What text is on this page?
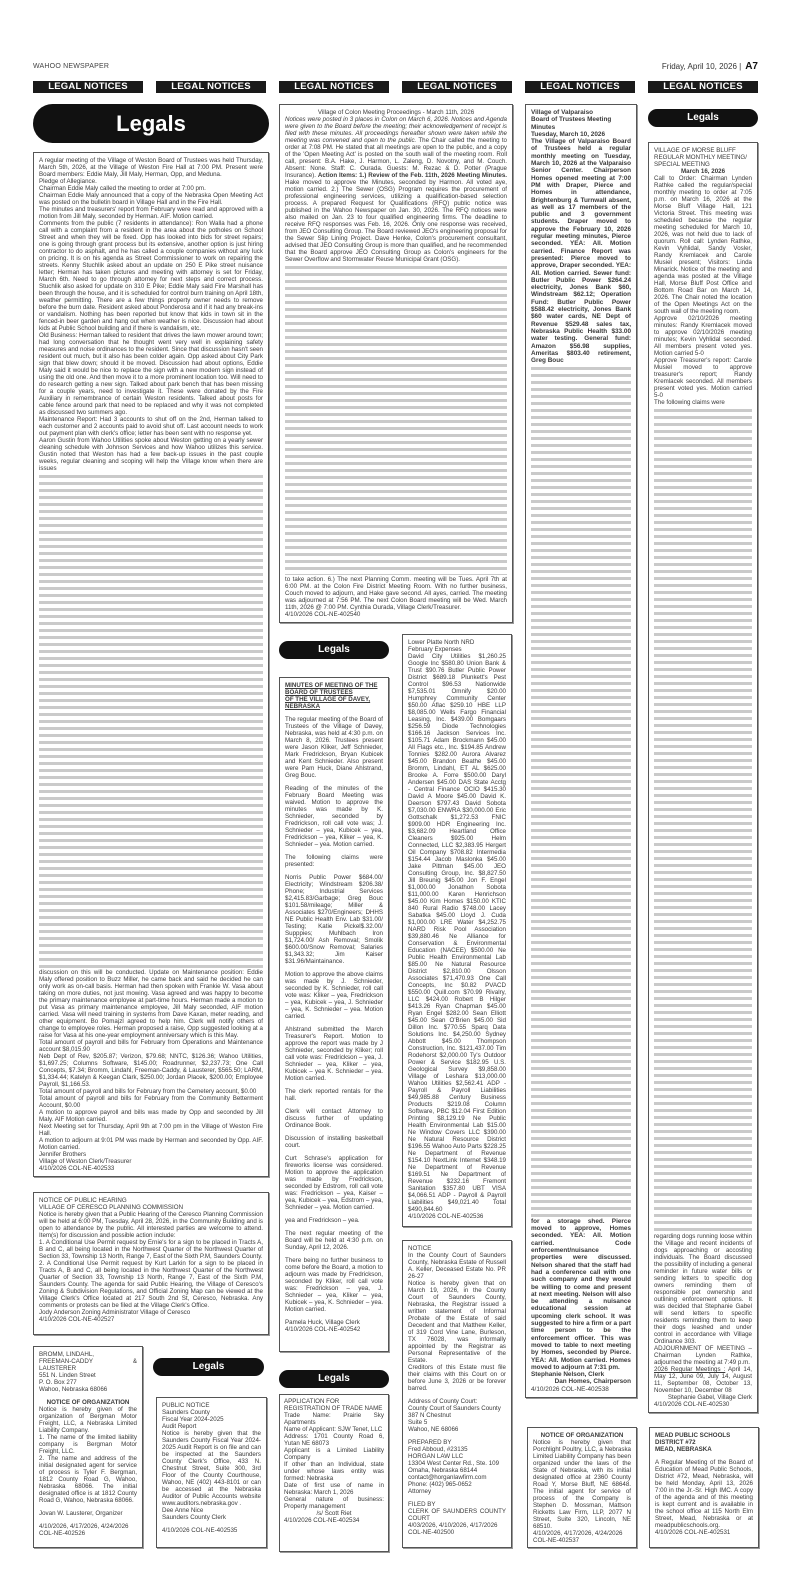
WAHOO NEWSPAPER	Friday, April 10, 2026 | A7
LEGAL NOTICES	LEGAL NOTICES	LEGAL NOTICES	LEGAL NOTICES	LEGAL NOTICES	LEGAL NOTICES
Legals

A regular meeting of the Village of Weston Board of Trustees was held Thursday, March 5th, 2026, at the Village of Weston Fire Hall at 7:00 PM. Present were Board members: Eddie Maly, Jill Maly, Herman, Opp, and Meduna.

Pledge of Allegiance.

Chairman Eddie Maly called the meeting to order at 7:00 pm.

Chairman Eddie Maly announced that a copy of the Nebraska Open Meeting Act was posted on the bulletin board in Village Hall and in the Fire Hall.

The minutes and treasurers' report from February were read and approved with a motion from Jill Maly, seconded by Herman. AIF. Motion carried.

Comments from the public (7 residents in attendance): Ron Walla had a phone call with a complaint from a resident in the area about the potholes on School Street and when they will be fixed. Opp has looked into bids for street repairs; one is going through grant process but its extensive, another option is just hiring contractor to do asphalt, and he has called a couple companies without any luck on pricing. It is on his agenda as Street Commissioner to work on repairing the streets. Kenny Stuchlik asked about an update on 250 E Pike street nuisance letter; Herman has taken pictures and meeting with attorney is set for Friday, March 6th. Need to go through attorney for next steps and correct process. Stuchlik also asked for update on 310 E Pike; Eddie Maly said Fire Marshall has been through the house, and it is scheduled for control burn training on April 18th, weather permitting. There are a few things property owner needs to remove before the burn date. Resident asked about Ponderosa and if it had any break-ins or vandalism. Nothing has been reported but know that kids in town sit in the fenced-in beer garden and hang out when weather is nice. Discussion had about kids at Public School building and if there is vandalism, etc.

Old Business: Herman talked to resident that drives the lawn mower around town; had long conversation that he thought went very well in explaining safety measures and noise ordinances to the resident. Since that discussion hasn't seen resident out much, but it also has been colder again. Opp asked about City Park sign that blew down; should it be moved. Discussion had about options, Eddie Maly said it would be nice to replace the sign with a new modern sign instead of using the old one. And then move it to a more prominent location too. Will need to do research getting a new sign. Talked about park bench that has been missing for a couple years, need to investigate it. These were donated by the Fire Auxiliary in remembrance of certain Weston residents. Talked about posts for cable fence around park that need to be replaced and why it was not completed as discussed two summers ago.

Maintenance Report: Had 3 accounts to shut off on the 2nd, Herman talked to each customer and 2 accounts paid to avoid shut off. Last account needs to work out payment plan with clerk's office; letter has been sent with no response yet.

Aaron Gustin from Wahoo Utilities spoke about Weston getting on a yearly sewer cleaning schedule with Johnson Services and how Wahoo utilizes this service. Gustin noted that Weston has had a few back-up issues in the past couple weeks, regular cleaning and scoping will help the Village know when there are issues

discussion on this will be conducted. Update on Maintenance position: Eddie Maly offered position to Buzz Miller, he came back and said he decided he can only work as on-call basis. Herman had then spoken with Frankie W. Vasa about taking on more duties, not just mowing. Vasa agreed and was happy to become the primary maintenance employee at part-time hours. Herman made a motion to put Vasa as primary maintenance employee, Jill Maly seconded, AIF motion carried. Vasa will need training in systems from Dave Kaxan, meter reading, and other equipment. Bo Pomajzl agreed to help him. Clerk will notify others of change to employee roles. Herman proposed a raise, Opp suggested looking at a raise for Vasa at his one-year employment anniversary which is this May.

Total amount of payroll and bills for February from Operations and Maintenance account $8,015.90

Neb Dept of Rev, $205.87; Verizon, $79.68; NNTC, $126.36; Wahoo Utilities, $1,697.25; Columns Software, $145.00; Roadrunner, $2,237.73; One Call Concepts, $7.34; Bromm, Lindahl, Freeman-Caddy, & Lausterer, $565.50; LARM, $1,334.44; Katelyn & Keegan Clark, $250.00; Jordan Placek, $200.00; Employee Payroll, $1,166.53.

Total amount of payroll and bills for February from the Cemetery account, $0.00

Total amount of payroll and bills for February from the Community Betterment Account, $0.00

A motion to approve payroll and bills was made by Opp and seconded by Jill Maly. AIF Motion carried.

Next Meeting set for Thursday, April 9th at 7:00 pm in the Village of Weston Fire Hall.

A motion to adjourn at 9:01 PM was made by Herman and seconded by Opp. AIF. Motion carried.

Jennifer Brothers

Village of Weston Clerk/Treasurer

4/10/2026 COL-NE-402533

NOTICE OF PUBLIC HEARING

VILLAGE OF CERESCO PLANNING COMMISSION

Notice is hereby given that a Public Hearing of the Ceresco Planning Commission will be held at 6:00 PM, Tuesday, April 28, 2026, in the Community Building and is open to attendance by the public. All interested parties are welcome to attend. Item(s) for discussion and possible action include:

1. A Conditional Use Permit request by Ernie's for a sign to be placed in Tracts A, B and C, all being located in the Northwest Quarter of the Northwest Quarter of Section 33, Township 13 North, Range 7, East of the Sixth P.M, Saunders County.

2. A Conditional Use Permit request by Kurt Larkin for a sign to be placed in Tracts A, B and C, all being located in the Northwest Quarter of the Northwest Quarter of Section 33, Township 13 North, Range 7, East of the Sixth P.M, Saunders County. The agenda for said Public Hearing, the Village of Ceresco's Zoning & Subdivision Regulations, and Official Zoning Map can be viewed at the Village Clerk's Office located at 217 South 2nd St, Ceresco, Nebraska. Any comments or protests can be filed at the Village Clerk's Office.

Jody Anderson Zoning Administrator Village of Ceresco

4/10/2026 COL-NE-402527

BROMM, LINDAHL,

FREEMAN-CADDY & LAUSTERER

551 N. Linden Street

P. O. Box 277

Wahoo, Nebraska 68066

NOTICE OF ORGANIZATION

Notice is hereby given of the organization of Bergman Motor Freight, LLC, a Nebraska Limited Liability Company.

1. The name of the limited liability company is Bergman Motor Freight, LLC.

2. The name and address of the initial designated agent for service of process is Tyler F. Bergman, 1812 County Road G, Wahoo, Nebraska 68066. The initial designated office is at 1812 County Road G, Wahoo, Nebraska 68066.

Jovan W. Lausterer, Organizer

4/10/2026, 4/17/2026, 4/24/2026

COL-NE-402526

Legals

PUBLIC NOTICE

Saunders County

Fiscal Year 2024-2025

Audit Report

Notice is hereby given that the Saunders County Fiscal Year 2024-2025 Audit Report is on file and can be inspected at the Saunders County Clerk's Office, 433 N. Chestnut Street, Suite 300, 3rd Floor of the County Courthouse, Wahoo, NE (402) 443-8101 or can be accessed at the Nebraska Auditor of Public Accounts website www.auditors.nebraska.gov .

Dee Anne Nice

Saunders County Clerk

4/10/2026 COL-NE-402535

Village of Colon Meeting Proceedings - March 11th, 2026

Notices were posted in 3 places in Colon on March 6, 2026. Notices and Agenda were given to the Board before the meeting; their acknowledgement of receipt is filed with these minutes. All proceedings hereafter shown were taken while the meeting was convened and open to the public. The Chair called the meeting to order at 7:08 PM. He stated that all meetings are open to the public, and a copy of the 'Open Meeting Act' is posted on the south wall of the meeting room. Roll call, present: B.A. Hake, J. Harmon, L. Zaleng, D. Novotny, and M. Couch. Absent: None. Staff: C. Ourada. Guests: M. Rezac & D. Potter (Prague Insurance). Action Items: 1.) Review of the Feb. 11th, 2026 Meeting Minutes. Hake moved to approve the Minutes, seconded by Harmon. All voted aye, motion carried. 2.) The Sewer (OSG) Program requires the procurement of professional engineering services, utilizing a qualification-based selection process. A prepared Request for Qualifications (RFQ) public notice was published in the Wahoo Newspaper on Jan. 30, 2026. The RFQ notices were also mailed on Jan. 23 to four qualified engineering firms. The deadline to receive RFQ responses was Feb. 16, 2026. Only one response was received, from JEO Consulting Group. The Board reviewed JEO's engineering proposal for the Sewer Slip Lining Project. Dave Henke, Colon's procurement consultant, advised that JEO Consulting Group is more than qualified, and he recommended that the Board approve JEO Consulting Group as Colon's engineers for the Sewer Overflow and Stormwater Reuse Municipal Grant (OSG).

to take action. 6.) The next Planning Comm. meeting will be Tues. April 7th at 6:00 PM. at the Colon Fire District Meeting Room. With no further business, Couch moved to adjourn, and Hake gave second. All ayes, carried. The meeting was adjourned at 7:56 PM. The next Colon Board meeting will be Wed. March 11th, 2026 @ 7:00 PM. Cynthia Ourada, Village Clerk/Treasurer.

4/10/2026 COL-NE-402540

Legals

MINUTES OF MEETING OF THE

BOARD OF TRUSTEES

OF THE VILLAGE OF DAVEY,

NEBRASKA

The regular meeting of the Board of Trustees of the Village of Davey, Nebraska, was held at 4:30 p.m. on March 8, 2026. Trustees present were Jason Kliker, Jeff Schnieder, Mark Fredrickson, Bryan Kubicek and Kent Schnieder. Also present were Pam Huck, Diane Ahlstrand, Greg Bouc.

Reading of the minutes of the February Board Meeting was waived. Motion to approve the minutes was made by K. Schnieder, seconded by Fredrickson, roll call vote was; J. Schnieder – yea, Kubicek – yea, Fredrickson – yea, Kliker – yea, K. Schnieder – yea. Motion carried.

The following claims were presented:

Norris Public Power $684.00/ Electricity; Windstream $206.38/ Phone; Industrial Services $2,415.83/Garbage; Greg Bouc $101.58/mileage; Miller & Associates $270/Engineers; DHHS NE Public Health Env. Lab $31.00/ Testing; Katie Pickel$.32.00/ Supppies; Muhlbach Iron $1,724.00/ Ash Removal; Smolik $600.00/Snow Removal; Salaries $1,343.32; Jim Kaiser $31.96/Maintainance.

Motion to approve the above claims was made by J. Schnieder, seconded by K. Schnieder, roll call vote was: Kliker – yea, Fredrickson – yea, Kubicek – yea, J. Schnieder – yea, K. Schnieder – yea. Motion carried.

Ahlstrand submitted the March Treasurer's Report. Motion to approve the report was made by J Schnieder, seconded by Kliker; roll call vote was: Fredrickson – yea, J. Schnieder – yea, Kliker – yea, Kubicek – yea K. Schnieder – yea. Motion carried.

The clerk reported rentals for the hall.

Clerk will contact Attorney to discuss further of updating Ordinance Book.

Discussion of installing basketball court.

Curt Schrase's application for fireworks license was considered. Motion to approve the application was made by Fredrickson, seconded by Edstrom, roll call vote was: Fredrickson – yea, Kaiser – yea, Kubicek – yea, Edstrom – yea, Schnieder – yea. Motion carried.

yea and Fredrickson – yea.

The next regular meeting of the Board will be held at 4:30 p.m. on Sunday, April 12, 2026.

There being no further business to come before the Board, a motion to adjourn was made by Fredrickson, seconded by Kliker, roll call vote was: Fredrickson – yea, J. Schnieder – yea, Kliker – yea, Kubicek – yea, K. Schnieder – yea. Motion carried.

Pamela Huck, Village Clerk
4/10/2026 COL-NE-402542

Legals

APPLICATION FOR

REGISTRATION OF TRADE NAME

Trade Name: Prairie Sky Apartments

Name of Applicant: SJW Tenet, LLC

Address: 1701 County Road 6, Yutan NE 68073

Applicant is a Limited Liability Company

If other than an Individual, state under whose laws entity was formed: Nebraska

Date of first use of name in Nebraska: March 1, 2026

General nature of business: Property management

/s/ Scott Riet

4/10/2026 COL-NE-402534

Lower Platte North NRD

February Expenses

David City Utilities $1,260.25 Google Inc $580.80 Union Bank & Trust $90.76 Butler Public Power District $689.18 Plunkett's Pest Control $96.53 Nationwide $7,535.01 Omnify $20.00 Humphrey Community Center $50.00 Aflac $259.10 HBE LLP $8,085.00 Wells Fargo Financial Leasing, Inc. $439.00 Bomgaars $256.59 Diode Technologies $166.16 Jackson Services Inc. $105.71 Adam Brockmann $45.00 All Flags etc., Inc. $194.85 Andrew Tonnies $282.00 Aurora Alvarez $45.00 Brandon Beathe $45.00 Bromm, Lindahl, ET AL $625.00 Brooke A. Forre $500.00 Daryl Andersen $45.00 DAS State Acctg - Central Finance OCIO $415.30 David A Moore $45.00 David K. Deerson $797.43 David Sobota $7,030.00 ENWRA $30,000.00 Eric Gottschalk $1,272.53 FNIC $909.00 HDR Engineering Inc. $3,682.09 Heartland Office Cleaners $925.00 Helm Connected, LLC $2,383.95 Hergert Oil Company $708.82 Intermedia $154.44 Jacob Maslonka $45.00 Jake Pittman $45.00 JEO Consulting Group, Inc. $8,827.50 Jill Breunig $45.00 Jon F. Engel $1,000.00 Jonathon Sobota $11,000.00 Karen Henrichson $45.00 Kim Homes $150.00 KTIC 840 Rural Radio $748.00 Lacey Sabatka $45.00 Lloyd J. Cuda $1,000.00 LRE Water $4,252.75 NARD Risk Pool Association $39,880.46 Ne Alliance for Conservation & Environmental Education (NACEE) $500.00 Ne Public Health Environmental Lab $85.00 Ne Natural Resource District $2,810.00 Olsson Associates $71,470.93 One Call Concepts, Inc $0.82 PVACD $550.00 Quill.com $70.99 Rivalry, LLC $424.00 Robert B Hilger $413.26 Ryan Chapman $45.00 Ryan Engel $282.00 Sean Elliott $45.00 Sean O'Brien $45.00 Sid Dillon Inc. $770.55 Sparq Data Solutions Inc. $4,250.00 Sydney Abbott $45.00 Thompson Construction, Inc. $121,437.00 Tim Rodehorst $2,000.00 Ty's Outdoor Power & Service $182.95 U.S. Geological Survey $9,858.00 Village of Leshara $13,000.00 Wahoo Utilities $2,562.41 ADP - Payroll & Payroll Liabilities $49,985.88 Century Business Products $219.08 Column Software, PBC $12.04 First Edition Printing $8,129.19 Ne Public Health Environmental Lab $15.00 Ne Window Covers LLC $390.00 Ne Natural Resource District $196.55 Wahoo Auto Parts $228.25 Ne Department of Revenue $154.10 NextLink Internet $348.19 Ne Department of Revenue $169.51 Ne Department of Revenue $232.16 Fremont Sanitation $357.80 UBT VISA $4,066.51 ADP - Payroll & Payroll Liabilities $49,021.40 Total $490,844.60

4/10/2026 COL-NE-402536

NOTICE

In the County Court of Saunders County, Nebraska Estate of Russell A. Keller, Deceased Estate No. PR 26-27

Notice is hereby given that on March 19, 2026, in the County Court of Saunders County, Nebraska, the Registrar issued a written statement of Informal Probate of the Estate of said Decedent and that Matthew Keller, of 319 Cord Vine Lane, Burleson, TX 76028, was informally appointed by the Registrar as Personal Representative of the Estate.

Creditors of this Estate must file their claims with this Court on or before June 3, 2026 or be forever barred.

Address of County Court:

County Court of Saunders County

387 N Chestnut

Suite 5

Wahoo, NE 68066

PREPARED BY

Fred Abboud, #23135

HORGAN LAW LLC

13304 West Center Rd., Ste. 109

Omaha, Nebraska 68144

contact@horganlawfirm.com

Phone: (402) 965-0652

Attorney

FILED BY

CLERK OF SAUNDERS COUNTY COURT

4/03/2026, 4/10/2026, 4/17/2026

COL-NE-402500

Village of Valparaiso

Board of Trustees Meeting

Minutes

Tuesday, March 10, 2026

The Village of Valparaiso Board of Trustees held a regular monthly meeting on Tuesday, March 10, 2026 at the Valparaiso Senior Center. Chairperson Homes opened meeting at 7:00 PM with Draper, Pierce and Homes in attendance, Brightenburg & Turnwall absent, as well as 17 members of the public and 3 government students. Draper moved to approve the February 10, 2026 regular meeting minutes, Pierce seconded. YEA: All. Motion carried. Finance Report was presented: Pierce moved to approve, Draper seconded. YEA: All. Motion carried. Sewer fund: Butler Public Power $264.24 electricity, Jones Bank $60, Windstream $62.12; Operation Fund: Butler Public Power $588.42 electricity, Jones Bank $60 water cards, NE Dept of Revenue $529.48 sales tax, Nebraska Public Health $33.00 water testing. General fund: Amazon $56.98 supplies, Ameritas $803.40 retirement, Greg Bouc

for a storage shed. Pierce moved to approve, Homes seconded. YEA: All. Motion carried. Code enforcement/nuisance properties were discussed. Nelson shared that the staff had had a conference call with one such company and they would be willing to come and present at next meeting. Nelson will also be attending a nuisance educational session at upcoming clerk school. It was suggested to hire a firm or a part time person to be the enforcement officer. This was moved to table to next meeting by Homes, seconded by Pierce. YEA: All. Motion carried. Homes moved to adjourn at 7:31 pm.

Stephanie Nelson, Clerk

Dan Homes, Chairperson

4/10/2026 COL-NE-402538

NOTICE OF ORGANIZATION

Notice is hereby given that Porchlight Poultry, LLC, a Nebraska Limited Liability Company has been organized under the laws of the State of Nebraska, with its initial designated office at 2360 County Road Y, Morse Bluff, NE 68648. The initial agent for service of process of the Company is Stephen D. Mossman, Mattson Ricketts Law Firm, LLP, 2077 N Street, Suite 320, Lincoln, NE 68510.

4/10/2026, 4/17/2026, 4/24/2026

COL-NE-402537

Legals

VILLAGE OF MORSE BLUFF

REGULAR MONTHLY MEETING/

SPECIAL MEETING

March 16, 2026

Call to Order: Chairman Lynden Rathke called the regular/special monthly meeting to order at 7:05 p.m. on March 16, 2026 at the Morse Bluff Village Hall, 121 Victoria Street. This meeting was scheduled because the regular meeting scheduled for March 10, 2026, was not held due to lack of quorum. Roll call: Lynden Rathke, Kevin Vyhlidal, Sandy Vosler, Randy Kremlacek and Carole Musiel present; Visitors: Linda Minarick. Notice of the meeting and agenda was posted at the Village Hall, Morse Bluff Post Office and Bottom Road Bar on March 14, 2026. The Chair noted the location of the Open Meetings Act on the south wall of the meeting room.

Approve 02/10/2026 meeting minutes: Randy Kremlacek moved to approve 02/10/2026 meeting minutes; Kevin Vyhlidal seconded. All members present voted yes. Motion carried 5-0

Approve Treasurer's report: Carole Musiel moved to approve treasurer's report; Randy Kremlacek seconded. All members present voted yes. Motion carried 5-0

The following claims were

regarding dogs running loose within the Village and recent incidents of dogs approaching or accosting individuals. The Board discussed the possibility of including a general reminder in future water bills or sending letters to specific dog owners reminding them of responsible pet ownership and outlining enforcement options. It was decided that Stephanie Gabel will send letters to specific residents reminding them to keep their dogs leashed and under control in accordance with Village Ordinance 303.

ADJOURNMENT OF MEETING – Chairman Lynden Rathke, adjourned the meeting at 7:49 p.m.

2026 Regular Meetings : April 14, May 12, June 09, July 14, August 11, September 08, October 13, November 10, December 08

Stephanie Gabel, Village Clerk

4/10/2026 COL-NE-402530

MEAD PUBLIC SCHOOLS

DISTRICT #72

MEAD, NEBRASKA

A Regular Meeting of the Board of Education of Mead Public Schools, District #72, Mead, Nebraska, will be held Monday, April 13, 2026 7:00 in the Jr.-Sr. High IMC. A copy of the agenda and of this meeting is kept current and is available in the school office at 115 North Elm Street, Mead, Nebraska or at meadpublicschools.org.

4/10/2026 COL-NE-402531
